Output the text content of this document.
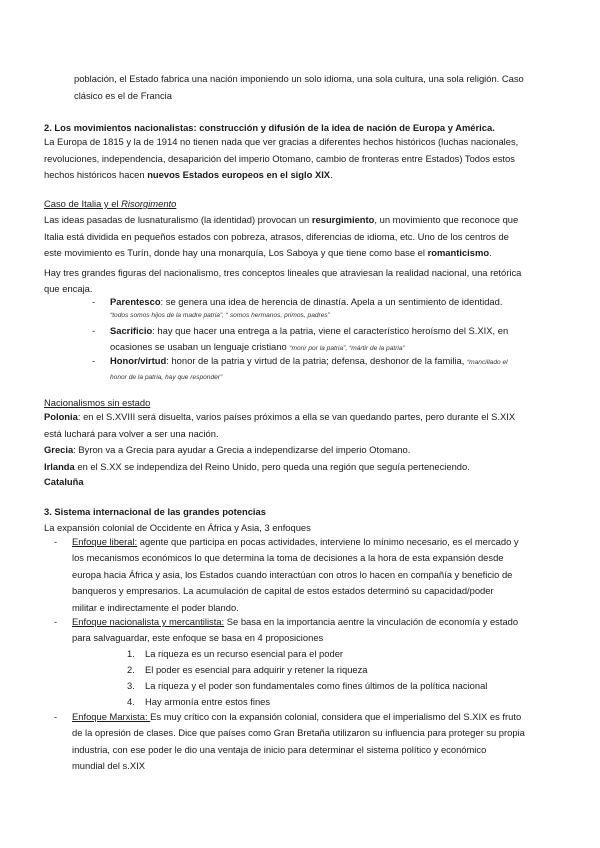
población, el Estado fabrica una nación imponiendo un solo idioma, una sola cultura, una sola religión. Caso

clásico es el de Francia

2. Los movimientos nacionalistas: construcción y difusión de la idea de nación de Europa y América.

La Europa de 1815 y la de 1914 no tienen nada que ver gracias a diferentes hechos históricos (luchas nacionales,

revoluciones, independencia, desaparición del imperio Otomano, cambio de fronteras entre Estados) Todos estos

hechos históricos hacen nuevos Estados europeos en el siglo XIX.

Caso de Italia y el Risorgimento

Las ideas pasadas de lusnaturalismo (la identidad) provocan un resurgimiento, un movimiento que reconoce que

Italia está dividida en pequeños estados con pobreza, atrasos, diferencias de idioma, etc. Uno de los centros de

este movimiento es Turín, donde hay una monarquía, Los Saboya y que tiene como base el romanticismo.

Hay tres grandes figuras del nacionalismo, tres conceptos lineales que atraviesan la realidad nacional, una retórica

que encaja.

-	Parentesco: se genera una idea de herencia de dinastía. Apela a un sentimiento de identidad.

“todos somos hijos de la madre patria”, “ somos hermanos, primos, padres”

-	Sacrificio: hay que hacer una entrega a la patria, viene el característico heroísmo del S.XIX, en

ocasiones se usaban un lenguaje cristiano “morir por la patria”, “mártir de la patria”

-	Honor/virtud: honor de la patria y virtud de la patria; defensa, deshonor de la familia, “mancillado el

honor de la patria, hay que responder”

Nacionalismos sin estado

Polonia: en el S.XVIII será disuelta, varios países próximos a ella se van quedando partes, pero durante el S.XIX

está luchará para volver a ser una nación.

Grecia: Byron va a Grecia para ayudar a Grecia a independizarse del imperio Otomano.

Irlanda en el S.XX se independiza del Reino Unido, pero queda una región que seguía perteneciendo.

Cataluña

3. Sistema internacional de las grandes potencias

La expansión colonial de Occidente en África y Asia, 3 enfoques

-	Enfoque liberal: agente que participa en pocas actividades, interviene lo mínimo necesario, es el mercado y

los mecanismos económicos lo que determina la toma de decisiones a la hora de esta expansión desde

europa hacia África y asia, los Estados cuando interactúan con otros lo hacen en compañía y beneficio de

banqueros y empresarios. La acumulación de capital de estos estados determinó su capacidad/poder

militar e indirectamente el poder blando.

-	Enfoque nacionalista y mercantilista: Se basa en la importancia aentre la vinculación de economía y estado

para salvaguardar, este enfoque se basa en 4 proposiciones

1.	La riqueza es un recurso esencial para el poder
2.	El poder es esencial para adquirir y retener la riqueza
3.	La riqueza y el poder son fundamentales como fines últimos de la política nacional
4.	Hay armonía entre estos fines
-	Enfoque Marxista: Es muy crítico con la expansión colonial, considera que el imperialismo del S.XIX es fruto

de la opresión de clases. Dice que países como Gran Bretaña utilizaron su influencia para proteger su propia

industria, con ese poder le dio una ventaja de inicio para determinar el sistema político y económico

mundial del s.XIX
